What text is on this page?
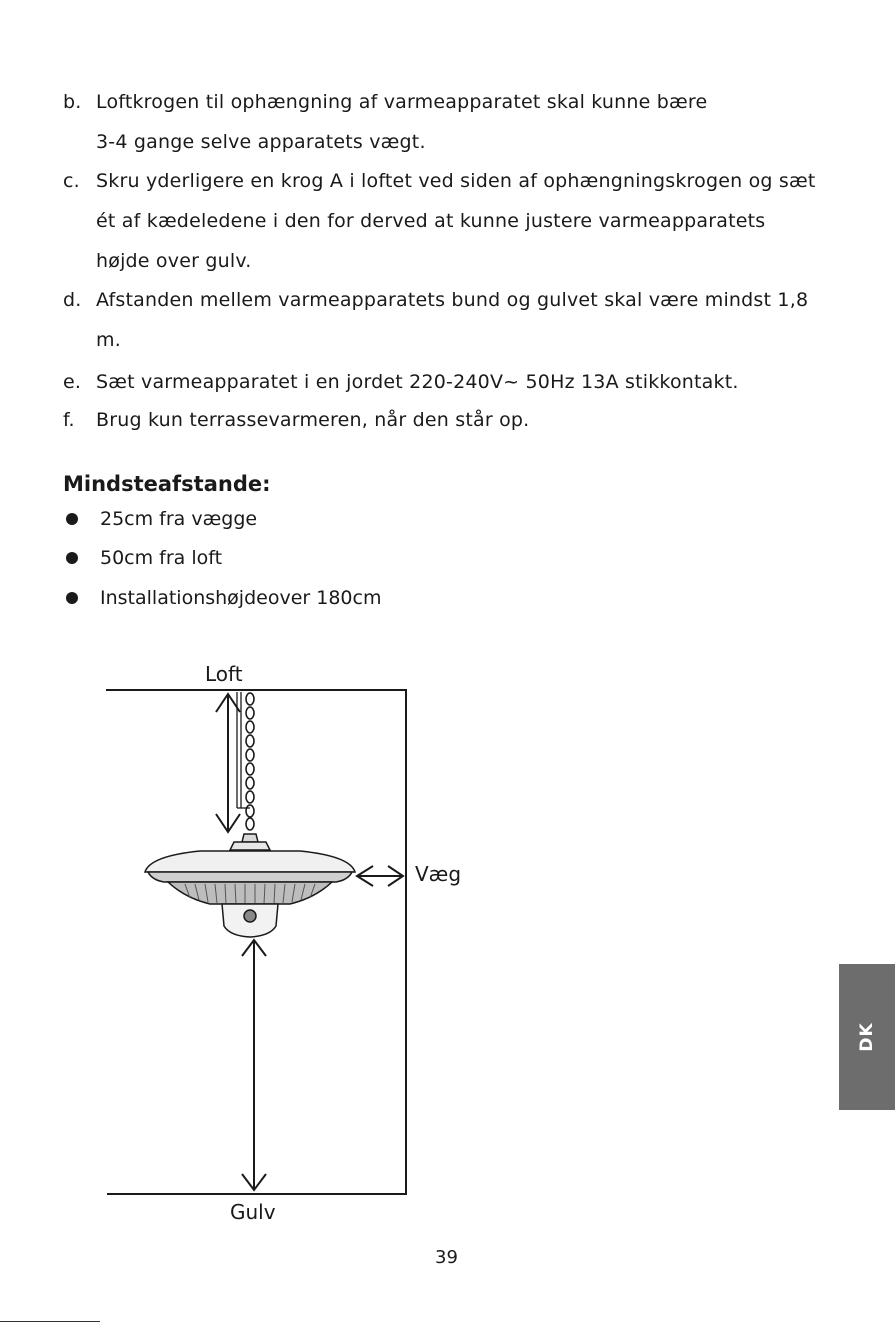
b. Loftkrogen til ophængning af varmeapparatet skal kunne bære
3-4 gange selve apparatets vægt.
c. Skru yderligere en krog A i loftet ved siden af ophængningskrogen og sæt
ét af kædeledene i den for derved at kunne justere varmeapparatets
højde over gulv.
d. Afstanden mellem varmeapparatets bund og gulvet skal være mindst 1,8
m.
e. Sæt varmeapparatet i en jordet 220-240V~ 50Hz 13A stikkontakt.
f.	Brug kun terrassevarmeren, når den står op.
Mindsteafstande:
25cm fra vægge
50cm fra loft
Installationshøjdeover 180cm
Loft
Væg
Gulv
39
DK
